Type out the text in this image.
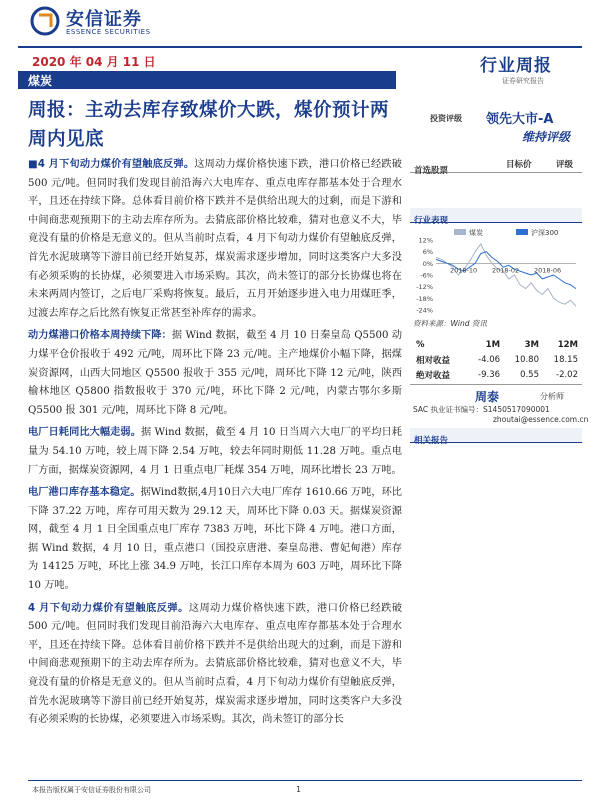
安信证券
ESSENCE SECURITIES
2020 年 04 月 11 日
煤炭
行业周报
证券研究报告
周报：主动去库存致煤价大跌，煤价预计两周内见底

■4 月下旬动力煤价有望触底反弹。这周动力煤价格快速下跌，港口价格已经跌破 500 元/吨。但同时我们发现目前沿海六大电库存、重点电库存都基本处于合理水平，且还在持续下降。总体看目前价格下跌并不是供给出现大的过剩，而是下游和中间商悲观预期下的主动去库存所为。去猜底部价格比较难，猜对也意义不大，毕竟没有量的价格是无意义的。但从当前时点看，4 月下旬动力煤价有望触底反弹，首先水泥玻璃等下游目前已经开始复苏，煤炭需求逐步增加，同时这类客户大多没有必须采购的长协煤，必须要进入市场采购。其次，尚未签订的部分长协煤也将在未来两周内签订，之后电厂采购将恢复。最后，五月开始逐步进入电力用煤旺季，过渡去库存之后比然有恢复正常甚至补库存的需求。

动力煤港口价格本周持续下降：据 Wind 数据，截至 4 月 10 日秦皇岛 Q5500 动力煤平仓价报收于 492 元/吨，周环比下降 23 元/吨。主产地煤价小幅下降，据煤炭资源网，山西大同地区 Q5500 报收于 355 元/吨，周环比下降 12 元/吨，陕西榆林地区 Q5800 指数报收于 370 元/吨，环比下降 2 元/吨，内蒙古鄂尔多斯 Q5500 报 301 元/吨，周环比下降 8 元/吨。

电厂日耗同比大幅走弱。据 Wind 数据，截至 4 月 10 日当周六大电厂的平均日耗量为 54.10 万吨，较上周下降 2.54 万吨，较去年同时期低 11.28 万吨。重点电厂方面，据煤炭资源网，4 月 1 日重点电厂耗煤 354 万吨，周环比增长 23 万吨。

电厂港口库存基本稳定。据Wind数据,4月10日六大电厂库存 1610.66 万吨，环比下降 37.22 万吨，库存可用天数为 29.12 天，周环比下降 0.03 天。据煤炭资源网，截至 4 月 1 日全国重点电厂库存 7383 万吨，环比下降 4 万吨。港口方面，据 Wind 数据，4 月 10 日，重点港口（国投京唐港、秦皇岛港、曹妃甸港）库存为 14125 万吨，环比上涨 34.9 万吨，长江口库存本周为 603 万吨，周环比下降 10 万吨。

4 月下旬动力煤价有望触底反弹。这周动力煤价格快速下跌，港口价格已经跌破 500 元/吨。但同时我们发现目前沿海六大电库存、重点电库存都基本处于合理水平，且还在持续下降。总体看目前价格下跌并不是供给出现大的过剩，而是下游和中间商悲观预期下的主动去库存所为。去猜底部价格比较难，猜对也意义不大，毕竟没有量的价格是无意义的。但从当前时点看，4 月下旬动力煤价有望触底反弹，首先水泥玻璃等下游目前已经开始复苏，煤炭需求逐步增加，同时这类客户大多没有必须采购的长协煤，必须要进入市场采购。其次，尚未签订的部分长

投资评级 领先大市-A
维持评级
首选股票
目标价	评级
行业表现
煤炭	沪深300
12%
6%
0%
-6%
-12%
-18%
-24%
2018-10 2018-02 2018-06
资料来源：Wind 资讯
%	1M	3M	12M
相对收益	-4.06	10.80	18.15
绝对收益	-9.36	0.55	-2.02
周泰	分析师
SAC 执业证书编号：S1450517090001
zhoutai@essence.com.cn
相关报告
本报告版权属于安信证券股份有限公司	1
